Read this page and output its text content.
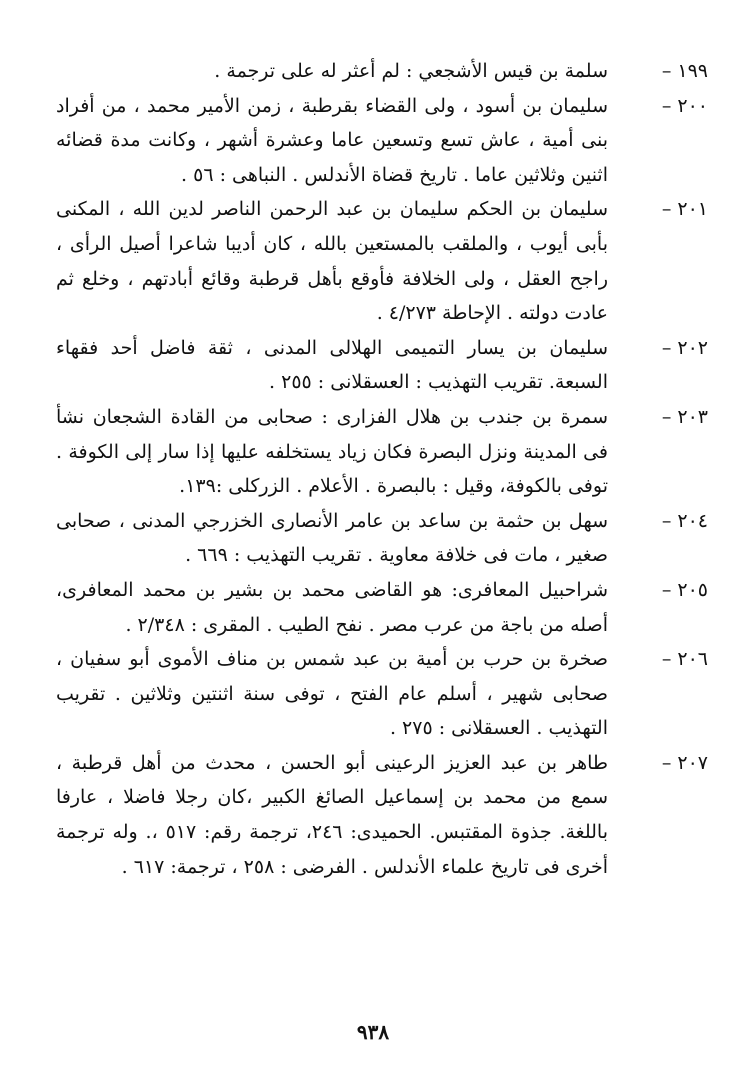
١٩٩ –
سلمة بن قيس الأشجعي : لم أعثر له على ترجمة .
٢٠٠ –
سليمان بن أسود ، ولى القضاء بقرطبة ، زمن الأمير محمد ، من أفراد بنى أمية ، عاش تسع وتسعين عاما وعشرة أشهر ، وكانت مدة قضائه اثنين وثلاثين عاما . تاريخ قضاة الأندلس . النباهى : ٥٦ .
٢٠١ –
سليمان بن الحكم سليمان بن عبد الرحمن الناصر لدين الله ، المكنى بأبى أيوب ، والملقب بالمستعين بالله ، كان أديبا شاعرا أصيل الرأى ، راجح العقل ، ولى الخلافة فأوقع بأهل قرطبة وقائع أبادتهم ، وخلع ثم عادت دولته . الإحاطة ٤/٢٧٣ .
٢٠٢ –
سليمان بن يسار التميمى الهلالى المدنى ، ثقة فاضل أحد فقهاء السبعة. تقريب التهذيب : العسقلانى : ٢٥٥ .
٢٠٣ –
سمرة بن جندب بن هلال الفزارى : صحابى من القادة الشجعان نشأ فى المدينة ونزل البصرة فكان زياد يستخلفه عليها إذا سار إلى الكوفة . توفى بالكوفة، وقيل : بالبصرة . الأعلام . الزركلى :١٣٩.
٢٠٤ –
سهل بن حثمة بن ساعد بن عامر الأنصارى الخزرجي المدنى ، صحابى صغير ، مات فى خلافة معاوية . تقريب التهذيب : ٦٦٩ .
٢٠٥ –
شراحبيل المعافرى: هو القاضى محمد بن بشير بن محمد المعافرى، أصله من باجة من عرب مصر . نفح الطيب . المقرى : ٢/٣٤٨ .
٢٠٦ –
صخرة بن حرب بن أمية بن عبد شمس بن مناف الأموى أبو سفيان ، صحابى شهير ، أسلم عام الفتح ، توفى سنة اثنتين وثلاثين . تقريب التهذيب . العسقلانى : ٢٧٥ .
٢٠٧ –
طاهر بن عبد العزيز الرعينى أبو الحسن ، محدث من أهل قرطبة ، سمع من محمد بن إسماعيل الصائغ الكبير ،كان رجلا فاضلا ، عارفا باللغة. جذوة المقتبس. الحميدى: ٢٤٦، ترجمة رقم: ٥١٧ ،. وله ترجمة أخرى فى تاريخ علماء الأندلس . الفرضى : ٢٥٨ ، ترجمة: ٦١٧ .
٩٣٨
